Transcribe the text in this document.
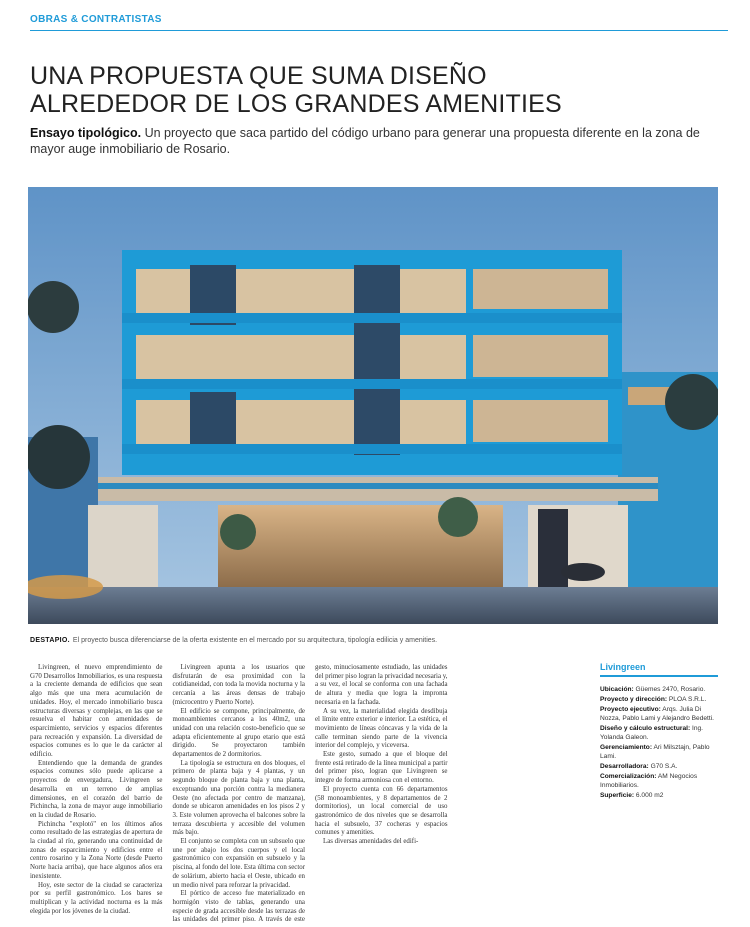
OBRAS & CONTRATISTAS
UNA PROPUESTA QUE SUMA DISEÑO
ALREDEDOR DE LOS GRANDES AMENITIES
Ensayo tipológico. Un proyecto que saca partido del código urbano para generar una propuesta diferente en la zona de mayor auge inmobiliario de Rosario.
DESTAPIO. El proyecto busca diferenciarse de la oferta existente en el mercado por su arquitectura, tipología edilicia y amenities.

Livingreen, el nuevo emprendimiento de G70 Desarrollos Inmobiliarios, es una respuesta a la creciente demanda de edificios que sean algo más que una mera acumulación de unidades. Hoy, el mercado inmobiliario busca estructuras diversas y complejas, en las que se resuelva el habitar con amenidades de esparcimiento, servicios y espacios diferentes para recreación y expansión. La diversidad de espacios comunes es lo que le da carácter al edificio.

Entendiendo que la demanda de grandes espacios comunes sólo puede aplicarse a proyectos de envergadura, Livingreen se desarrolla en un terreno de amplias dimensiones, en el corazón del barrio de Pichincha, la zona de mayor auge inmobiliario en la ciudad de Rosario.

Pichincha "explotó" en los últimos años como resultado de las estrategias de apertura de la ciudad al río, generando una continuidad de zonas de esparcimiento y edificios entre el centro rosarino y la Zona Norte (desde Puerto Norte hacia arriba), que hace algunos años era inexistente.

Hoy, este sector de la ciudad se caracteriza por su perfil gastronómico. Los bares se multiplican y la actividad nocturna es la más elegida por los jóvenes de la ciudad.

Livingreen apunta a los usuarios que disfrutarán de esa proximidad con la cotidianeidad, con toda la movida nocturna y la cercanía a las áreas densas de trabajo (microcentro y Puerto Norte).

El edificio se compone, principalmente, de monoambientes cercanos a los 40m2, una unidad con una relación costo-beneficio que se adapta eficientemente al grupo etario que está dirigido. Se proyectaron también departamentos de 2 dormitorios.

La tipología se estructura en dos bloques, el primero de planta baja y 4 plantas, y un segundo bloque de planta baja y una planta, exceptuando una porción contra la medianera Oeste (no afectada por centro de manzana), donde se ubicaron amenidades en los pisos 2 y 3. Este volumen aprovecha el balcones sobre la terraza descubierta y accesible del volumen más bajo.

El conjunto se completa con un subsuelo que une por abajo los dos cuerpos y el local gastronómico con expansión en subsuelo y la piscina, al fondo del lote. Esta última con sector de solárium, abierto hacia el Oeste, ubicado en un medio nivel para reforzar la privacidad.

El pórtico de acceso fue materializado en hormigón visto de tablas, generando una especie de grada accesible desde las terrazas de las unidades del primer piso. A través de este gesto, minuciosamente estudiado, las unidades del primer piso logran la privacidad necesaria y, a su vez, el local se conforma con una fachada de altura y media que logra la impronta necesaria en la fachada.

A su vez, la materialidad elegida desdibuja el límite entre exterior e interior. La estética, el movimiento de líneas cóncavas y la vida de la calle terminan siendo parte de la vivencia interior del complejo, y viceversa.

Este gesto, sumado a que el bloque del frente está retirado de la línea municipal a partir del primer piso, logran que Livingreen se integre de forma armoniosa con el entorno.

El proyecto cuenta con 66 departamentos (58 monoambientes, y 8 departamentos de 2 dormitorios), un local comercial de uso gastronómico de dos niveles que se desarrolla hacia el subsuelo, 37 cocheras y espacios comunes y amenities.

Las diversas amenidades del edifi-

Livingreen
Ubicación: Güemes 2470, Rosario.
Proyecto y dirección: PLOA S.R.L.
Proyecto ejecutivo: Arqs. Julia Di Nozza, Pablo Lami y Alejandro Bedetti.
Diseño y cálculo estructural: Ing. Yolanda Galeon.
Gerenciamiento: Ari Milsztajn, Pablo Lami.
Desarrolladora: G70 S.A.
Comercialización: AM Negocios Inmobiliarios.
Superficie: 6.000 m2
